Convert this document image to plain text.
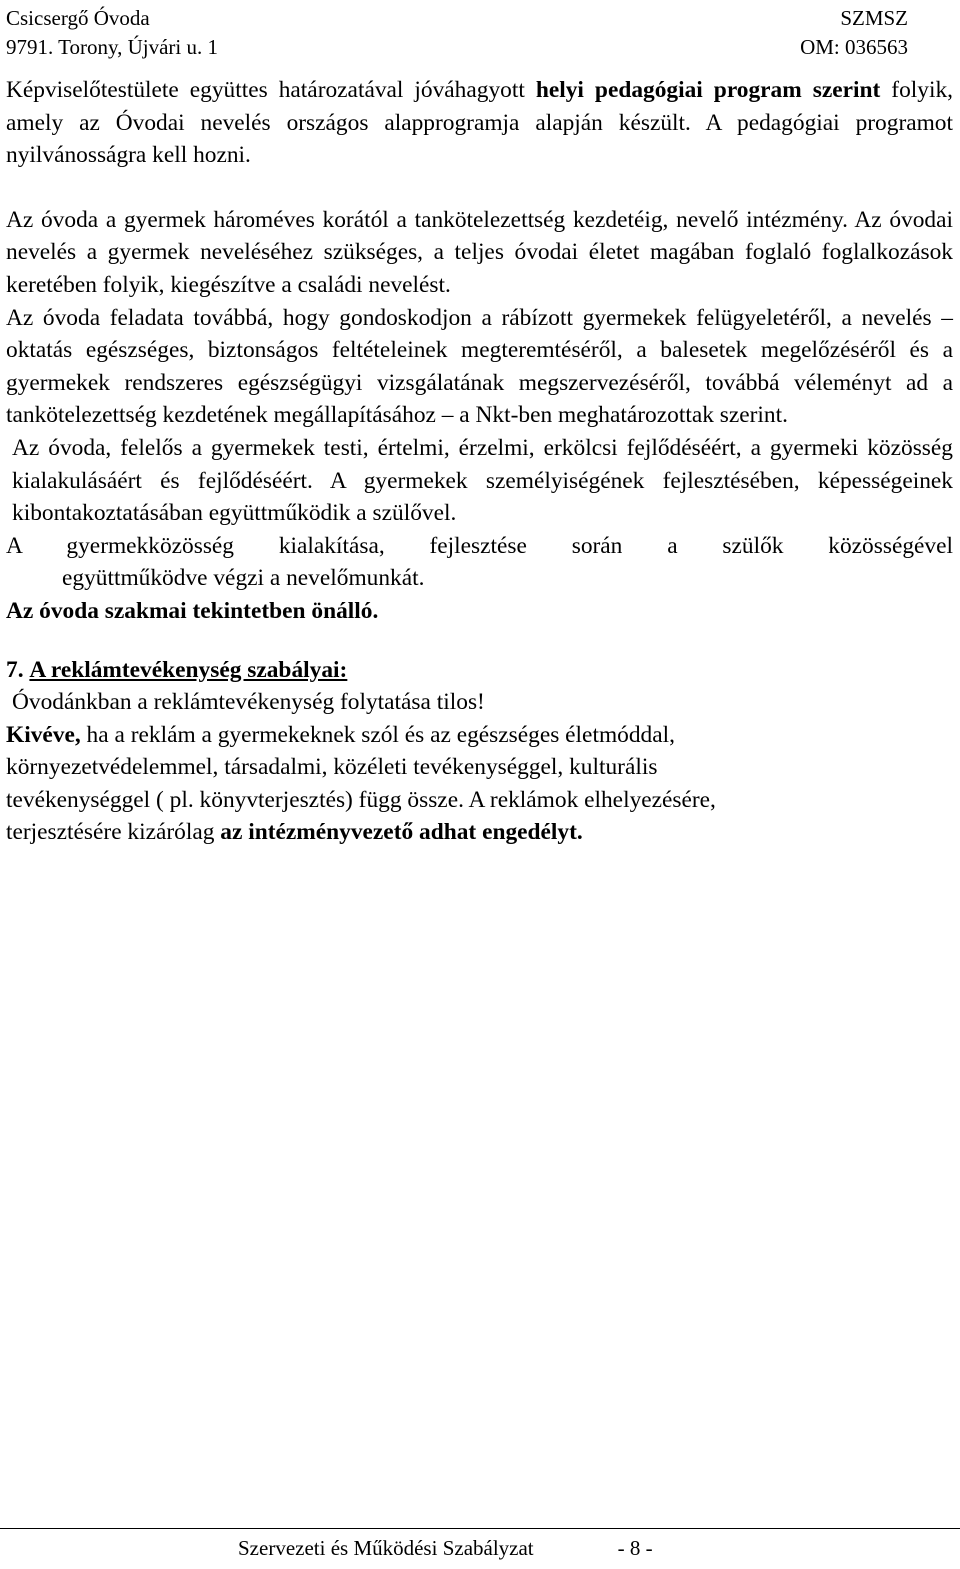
Csicsergő Óvoda	SZMSZ
9791. Torony, Újvári u. 1	OM: 036563

Képviselőtestülete együttes határozatával jóváhagyott helyi pedagógiai program szerint folyik, amely az Óvodai nevelés országos alapprogramja alapján készült. A pedagógiai programot nyilvánosságra kell hozni.

Az óvoda a gyermek hároméves korától a tankötelezettség kezdetéig, nevelő intézmény. Az óvodai nevelés a gyermek neveléséhez szükséges, a teljes óvodai életet magában foglaló foglalkozások keretében folyik, kiegészítve a családi nevelést.

Az óvoda feladata továbbá, hogy gondoskodjon a rábízott gyermekek felügyeletéről, a nevelés – oktatás egészséges, biztonságos feltételeinek megteremtéséről, a balesetek megelőzéséről és a gyermekek rendszeres egészségügyi vizsgálatának megszervezéséről, továbbá véleményt ad a tankötelezettség kezdetének megállapításához – a Nkt-ben meghatározottak szerint.

Az óvoda, felelős a gyermekek testi, értelmi, érzelmi, erkölcsi fejlődéséért, a gyermeki közösség kialakulásáért és fejlődéséért. A gyermekek személyiségének fejlesztésében, képességeinek kibontakoztatásában együttműködik a szülővel.

A gyermekközösség kialakítása, fejlesztése során a szülők közösségével

együttműködve végzi a nevelőmunkát.

Az óvoda szakmai tekintetben önálló.

7. A reklámtevékenység szabályai:

Óvodánkban a reklámtevékenység folytatása tilos!

Kivéve, ha a reklám a gyermekeknek szól és az egészséges életmóddal,

környezetvédelemmel, társadalmi, közéleti tevékenységgel, kulturális

tevékenységgel ( pl. könyvterjesztés) függ össze. A reklámok elhelyezésére,

terjesztésére kizárólag az intézményvezető adhat engedélyt.

Szervezeti és Működési Szabályzat	- 8 -
